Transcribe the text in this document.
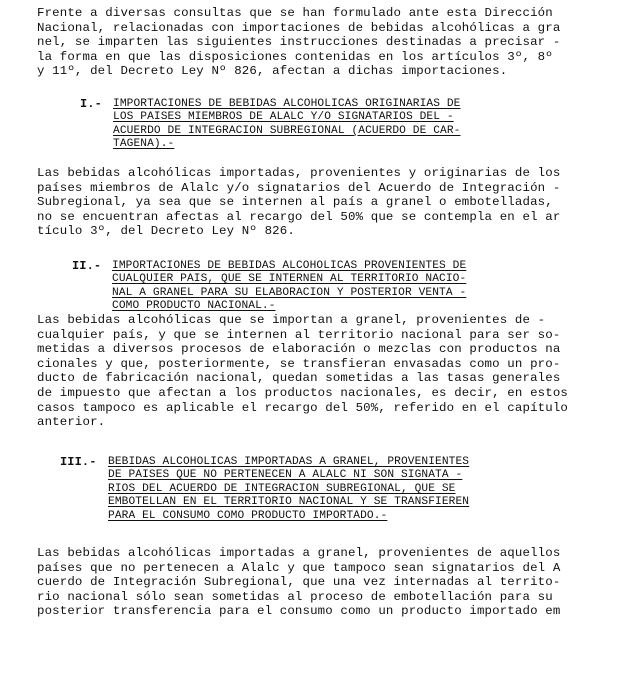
Frente a diversas consultas que se han formulado ante esta Dirección
Nacional, relacionadas con importaciones de bebidas alcohólicas a gra
nel, se imparten las siguientes instrucciones destinadas a precisar -
la forma en que las disposiciones contenidas en los artículos 3º, 8º
y 11º, del Decreto Ley Nº 826, afectan a dichas importaciones.

I.- IMPORTACIONES DE BEBIDAS ALCOHOLICAS ORIGINARIAS DE
LOS PAISES MIEMBROS DE ALALC Y/O SIGNATARIOS DEL -
ACUERDO DE INTEGRACION SUBREGIONAL (ACUERDO DE CAR-
TAGENA).-

Las bebidas alcohólicas importadas, provenientes y originarias de los
países miembros de Alalc y/o signatarios del Acuerdo de Integración -
Subregional, ya sea que se internen al país a granel o embotelladas,
no se encuentran afectas al recargo del 50% que se contempla en el ar
tículo 3º, del Decreto Ley Nº 826.

II.- IMPORTACIONES DE BEBIDAS ALCOHOLICAS PROVENIENTES DE
CUALQUIER PAIS, QUE SE INTERNEN AL TERRITORIO NACIO-
NAL A GRANEL PARA SU ELABORACION Y POSTERIOR VENTA -
COMO PRODUCTO NACIONAL.-

Las bebidas alcohólicas que se importan a granel, provenientes de -
cualquier país, y que se internen al territorio nacional para ser so-
metidas a diversos procesos de elaboración o mezclas con productos na
cionales y que, posteriormente, se transfieran envasadas como un pro-
ducto de fabricación nacional, quedan sometidas a las tasas generales
de impuesto que afectan a los productos nacionales, es decir, en estos
casos tampoco es aplicable el recargo del 50%, referido en el capítulo
anterior.

III.- BEBIDAS ALCOHOLICAS IMPORTADAS A GRANEL, PROVENIENTES
DE PAISES QUE NO PERTENECEN A ALALC NI SON SIGNATA -
RIOS DEL ACUERDO DE INTEGRACION SUBREGIONAL, QUE SE
EMBOTELLAN EN EL TERRITORIO NACIONAL Y SE TRANSFIEREN
PARA EL CONSUMO COMO PRODUCTO IMPORTADO.-

Las bebidas alcohólicas importadas a granel, provenientes de aquellos
países que no pertenecen a Alalc y que tampoco sean signatarios del A
cuerdo de Integración Subregional, que una vez internadas al territo-
rio nacional sólo sean sometidas al proceso de embotellación para su
posterior transferencia para el consumo como un producto importado em
